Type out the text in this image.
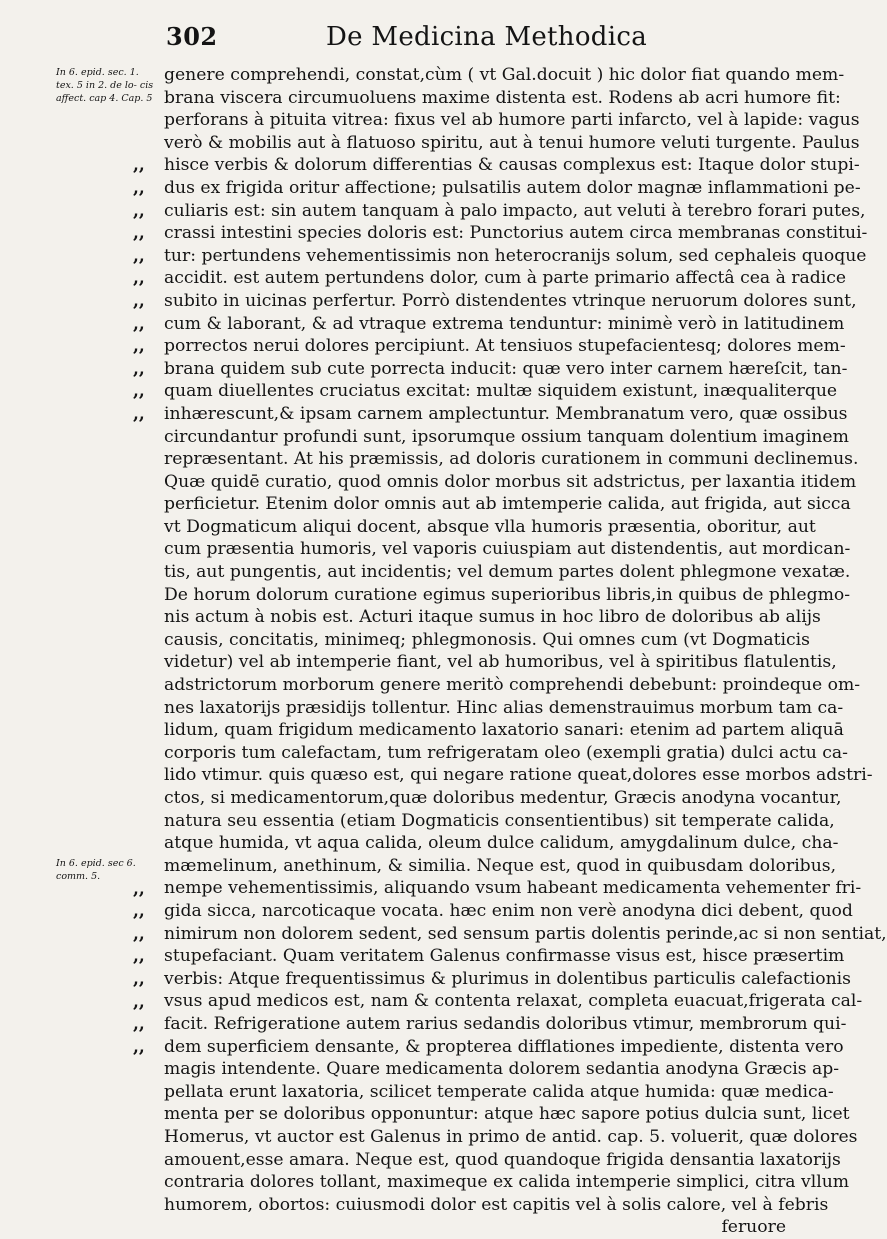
302	De Medicina Methodica
In 6. epid. sec. 1. tex. 5 in 2. de lo- cis affect. cap 4. Cap. 5
In 6. epid. sec 6. comm. 5.
,,
,,
,,
,,
,,
,,
,,
,,
,,
,,
,,
,,
,,
,,
,,
,,
,,
,,
,,
,,
genere comprehendi, constat,cùm ( vt Gal.docuit ) hic dolor fiat quando mem-
brana viscera circumuoluens maxime distenta est. Rodens ab acri humore fit:
perforans à pituita vitrea: fixus vel ab humore parti infarcto, vel à lapide: vagus
verò & mobilis aut à flatuoso spiritu, aut à tenui humore veluti turgente. Paulus
hisce verbis & dolorum differentias & causas complexus est: Itaque dolor stupi-
dus ex frigida oritur affectione; pulsatilis autem dolor magnæ inflammationi pe-
culiaris est: sin autem tanquam à palo impacto, aut veluti à terebro forari putes,
crassi intestini species doloris est: Punctorius autem circa membranas constitui-
tur: pertundens vehementissimis non heterocranijs solum, sed cephaleis quoque
accidit. est autem pertundens dolor, cum à parte primario affectâ cea à radice
subito in uicinas perfertur. Porrò distendentes vtrinque neruorum dolores sunt,
cum & laborant, & ad vtraque extrema tenduntur: minimè verò in latitudinem
porrectos nerui dolores percipiunt. At tensiuos stupefacientesq; dolores mem-
brana quidem sub cute porrecta inducit: quæ vero inter carnem hæreſcit, tan-
quam diuellentes cruciatus excitat: multæ siquidem existunt, inæqualiterque
inhærescunt,& ipsam carnem amplectuntur. Membranatum vero, quæ ossibus
circundantur profundi sunt, ipsorumque ossium tanquam dolentium imaginem
repræsentant. At his præmissis, ad doloris curationem in communi declinemus.
Quæ quidē curatio, quod omnis dolor morbus sit adstrictus, per laxantia itidem
perficietur. Etenim dolor omnis aut ab imtemperie calida, aut frigida, aut sicca
vt Dogmaticum aliqui docent, absque vlla humoris præsentia, oboritur, aut
cum præsentia humoris, vel vaporis cuiuspiam aut distendentis, aut mordican-
tis, aut pungentis, aut incidentis; vel demum partes dolent phlegmone vexatæ.
De horum dolorum curatione egimus superioribus libris,in quibus de phlegmo-
nis actum à nobis est. Acturi itaque sumus in hoc libro de doloribus ab alijs
causis, concitatis, minimeq; phlegmonosis. Qui omnes cum (vt Dogmaticis
videtur) vel ab intemperie fiant, vel ab humoribus, vel à spiritibus flatulentis,
adstrictorum morborum genere meritò comprehendi debebunt: proindeque om-
nes laxatorijs præsidijs tollentur. Hinc alias demenstrauimus morbum tam ca-
lidum, quam frigidum medicamento laxatorio sanari: etenim ad partem aliquā
corporis tum calefactam, tum refrigeratam oleo (exempli gratia) dulci actu ca-
lido vtimur. quis quæso est, qui negare ratione queat,dolores esse morbos adstri-
ctos, si medicamentorum,quæ doloribus medentur, Græcis anodyna vocantur,
natura seu essentia (etiam Dogmaticis consentientibus) sit temperate calida,
atque humida, vt aqua calida, oleum dulce calidum, amygdalinum dulce, cha-
mæmelinum, anethinum, & similia. Neque est, quod in quibusdam doloribus,
nempe vehementissimis, aliquando vsum habeant medicamenta vehementer fri-
gida sicca, narcoticaque vocata. hæc enim non verè anodyna dici debent, quod
nimirum non dolorem sedent, sed sensum partis dolentis perinde,ac si non sentiat,
stupefaciant. Quam veritatem Galenus confirmasse visus est, hisce præsertim
verbis: Atque frequentissimus & plurimus in dolentibus particulis calefactionis
vsus apud medicos est, nam & contenta relaxat, completa euacuat,frigerata cal-
facit. Refrigeratione autem rarius sedandis doloribus vtimur, membrorum qui-
dem superficiem densante, & propterea difflationes impediente, distenta vero
magis intendente. Quare medicamenta dolorem sedantia anodyna Græcis ap-
pellata erunt laxatoria, scilicet temperate calida atque humida: quæ medica-
menta per se doloribus opponuntur: atque hæc sapore potius dulcia sunt, licet
Homerus, vt auctor est Galenus in primo de antid. cap. 5. voluerit, quæ dolores
amouent,esse amara. Neque est, quod quandoque frigida densantia laxatorijs
contraria dolores tollant, maximeque ex calida intemperie simplici, citra vllum
humorem, obortos: cuiusmodi dolor est capitis vel à solis calore, vel à febris
feruore
